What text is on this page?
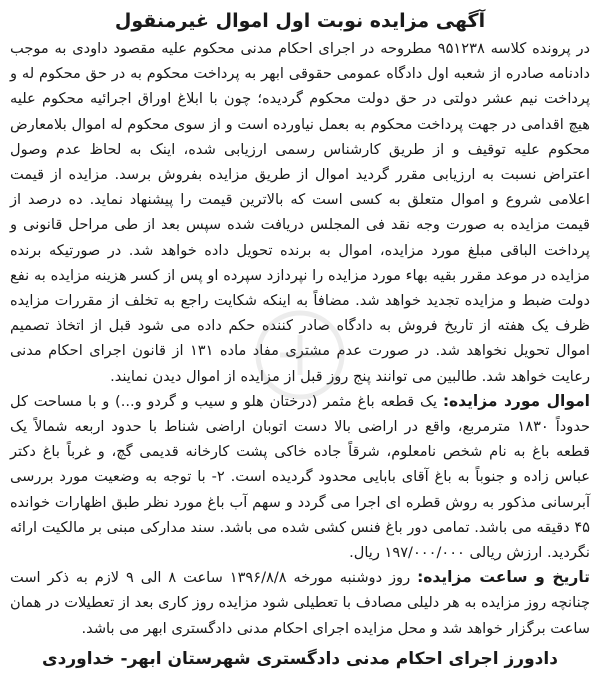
آگهی مزایده نوبت اول اموال غیرمنقول

در پرونده کلاسه ۹۵۱۲۳۸ مطروحه در اجرای احکام مدنی محکوم علیه مقصود داودی به موجب دادنامه صادره از شعبه اول دادگاه عمومی حقوقی ابهر به پرداخت محکوم به در حق محکوم له و پرداخت نیم عشر دولتی در حق دولت محکوم گردیده؛ چون با ابلاغ اوراق اجرائیه محکوم علیه هیچ اقدامی در جهت پرداخت محکوم به بعمل نیاورده است و از سوی محکوم له اموال بلامعارض محکوم علیه توقیف و از طریق کارشناس رسمی ارزیابی شده، اینک به لحاظ عدم وصول اعتراض نسبت به ارزیابی مقرر گردید اموال از طریق مزایده بفروش برسد. مزایده از قیمت اعلامی شروع و اموال متعلق به کسی است که بالاترین قیمت را پیشنهاد نماید. ده درصد از قیمت مزایده به صورت وجه نقد فی المجلس دریافت شده سپس بعد از طی مراحل قانونی و پرداخت الباقی مبلغ مورد مزایده، اموال به برنده تحویل داده خواهد شد. در صورتیکه برنده مزایده در موعد مقرر بقیه بهاء مورد مزایده را نپردازد سپرده او پس از کسر هزینه مزایده به نفع دولت ضبط و مزایده تجدید خواهد شد. مضافاً به اینکه شکایت راجع به تخلف از مقررات مزایده ظرف یک هفته از تاریخ فروش به دادگاه صادر کننده حکم داده می شود قبل از اتخاذ تصمیم اموال تحویل نخواهد شد. در صورت عدم مشتری مفاد ماده ۱۳۱ از قانون اجرای احکام مدنی رعایت خواهد شد. طالبین می توانند پنج روز قبل از مزایده از اموال دیدن نمایند.

اموال مورد مزایده: یک قطعه باغ مثمر (درختان هلو و سیب و گردو و...) و با مساحت کل حدوداً ۱۸۳۰ مترمربع، واقع در اراضی بالا دست اتوبان اراضی شناط با حدود اربعه شمالاً یک قطعه باغ به نام شخص نامعلوم، شرقاً جاده خاکی پشت کارخانه قدیمی گچ، و غرباً باغ دکتر عباس زاده و جنوباً به باغ آقای بابایی محدود گردیده است. ۲- با توجه به وضعیت مورد بررسی آبرسانی مذکور به روش قطره ای اجرا می گردد و سهم آب باغ مورد نظر طبق اظهارات خوانده ۴۵ دقیقه می باشد. تمامی دور باغ فنس کشی شده می باشد. سند مدارکی مبنی بر مالکیت ارائه نگردید. ارزش ریالی ۱۹۷/۰۰۰/۰۰۰ ریال.

تاریخ و ساعت مزایده: روز دوشنبه مورخه ۱۳۹۶/۸/۸ ساعت ۸ الی ۹ لازم به ذکر است چنانچه روز مزایده به هر دلیلی مصادف با تعطیلی شود مزایده روز کاری بعد از تعطیلات در همان ساعت برگزار خواهد شد و محل مزایده اجرای احکام مدنی دادگستری ابهر می باشد.

دادورز اجرای احکام مدنی دادگستری شهرستان ابهر- خداوردی
